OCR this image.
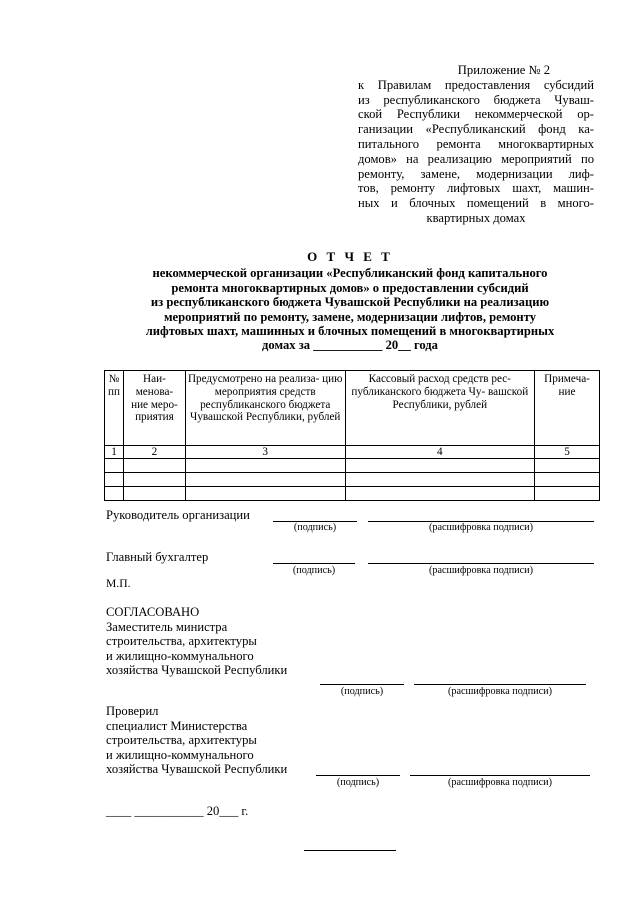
Приложение № 2
к Правилам предоставления субсидий
из республиканского бюджета Чуваш-
ской Республики некоммерческой ор-
ганизации «Республиканский фонд ка-
питального ремонта многоквартирных
домов» на реализацию мероприятий по
ремонту, замене, модернизации лиф-
тов, ремонту лифтовых шахт, машин-
ных и блочных помещений в много-
квартирных домах
О Т Ч Е Т
некоммерческой организации «Республиканский фонд капитального
ремонта многоквартирных домов» о предоставлении субсидий
из республиканского бюджета Чувашской Республики на реализацию
мероприятий по ремонту, замене, модернизации лифтов, ремонту
лифтовых шахт, машинных и блочных помещений в многоквартирных
домах за ___________ 20__ года
№ пп	Наи- менова- ние меро- приятия	Предусмотрено на реализа- цию мероприятия средств республиканского бюджета Чувашской Республики, рублей	Кассовый расход средств рес- публиканского бюджета Чу- вашской Республики, рублей	Примеча- ние
1	2	3	4	5

Руководитель организации
(подпись)	(расшифровка подписи)
Главный бухгалтер
(подпись)	(расшифровка подписи)
М.П.
СОГЛАСОВАНО
Заместитель министра
строительства, архитектуры
и жилищно-коммунального
хозяйства Чувашской Республики
(подпись)	(расшифровка подписи)
Проверил
специалист Министерства
строительства, архитектуры
и жилищно-коммунального
хозяйства Чувашской Республики
(подпись)	(расшифровка подписи)
____ ___________ 20___ г.
